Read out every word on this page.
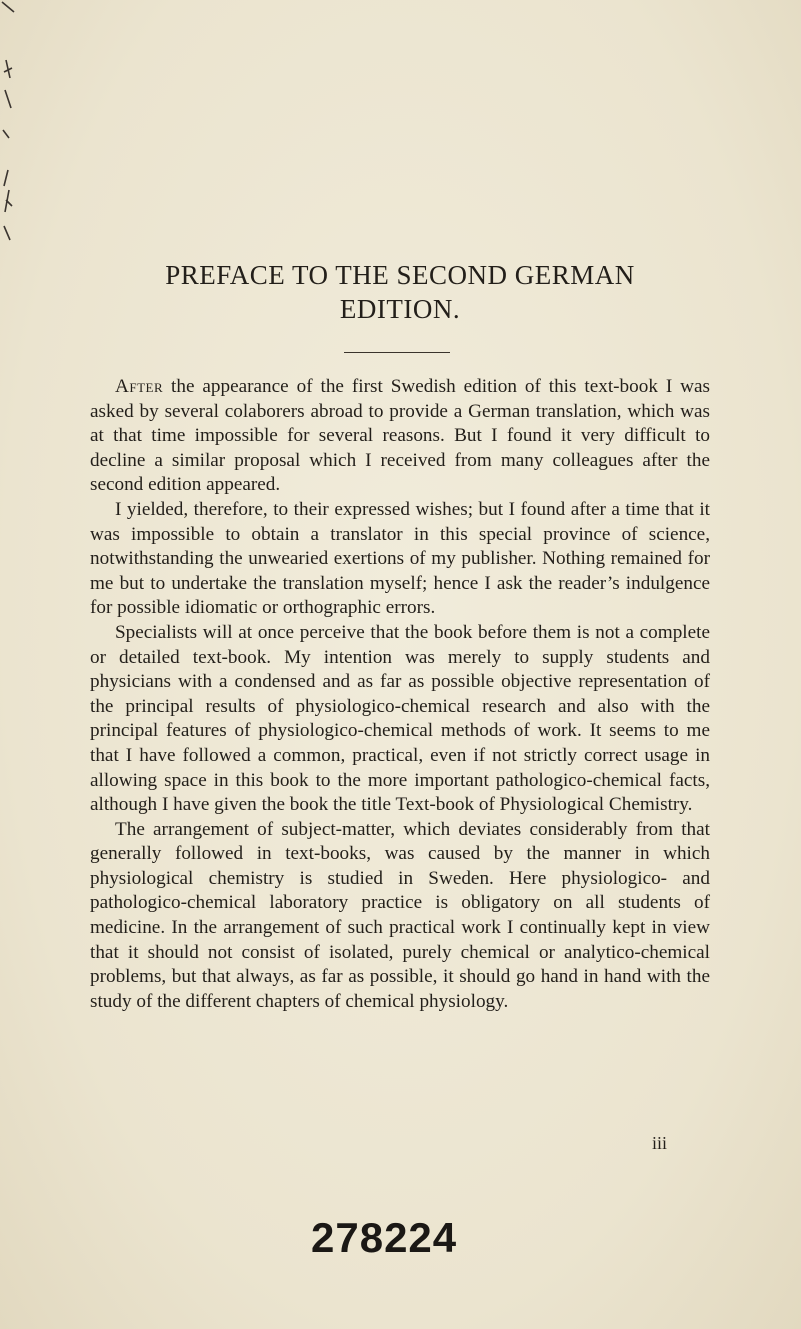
PREFACE TO THE SECOND GERMAN
EDITION.

After the appearance of the first Swedish edition of this text-book I was asked by several colaborers abroad to provide a German translation, which was at that time impossible for several reasons. But I found it very difficult to decline a similar proposal which I received from many colleagues after the second edition appeared.

I yielded, therefore, to their expressed wishes; but I found after a time that it was impossible to obtain a translator in this special province of science, notwithstanding the unwearied exertions of my publisher. Nothing remained for me but to undertake the translation myself; hence I ask the reader’s indulgence for possible idiomatic or orthographic errors.

Specialists will at once perceive that the book before them is not a complete or detailed text-book. My intention was merely to supply students and physicians with a condensed and as far as possible objective representation of the principal results of physiologico-chemical research and also with the principal features of physiologico-chemical methods of work. It seems to me that I have followed a common, practical, even if not strictly correct usage in allowing space in this book to the more important pathologico-chemical facts, although I have given the book the title Text-book of Physiological Chemistry.

The arrangement of subject-matter, which deviates considerably from that generally followed in text-books, was caused by the manner in which physiological chemistry is studied in Sweden. Here physiologico- and pathologico-chemical laboratory practice is obligatory on all students of medicine. In the arrangement of such practical work I continually kept in view that it should not consist of isolated, purely chemical or analytico-chemical problems, but that always, as far as possible, it should go hand in hand with the study of the different chapters of chemical physiology.

iii
278224
